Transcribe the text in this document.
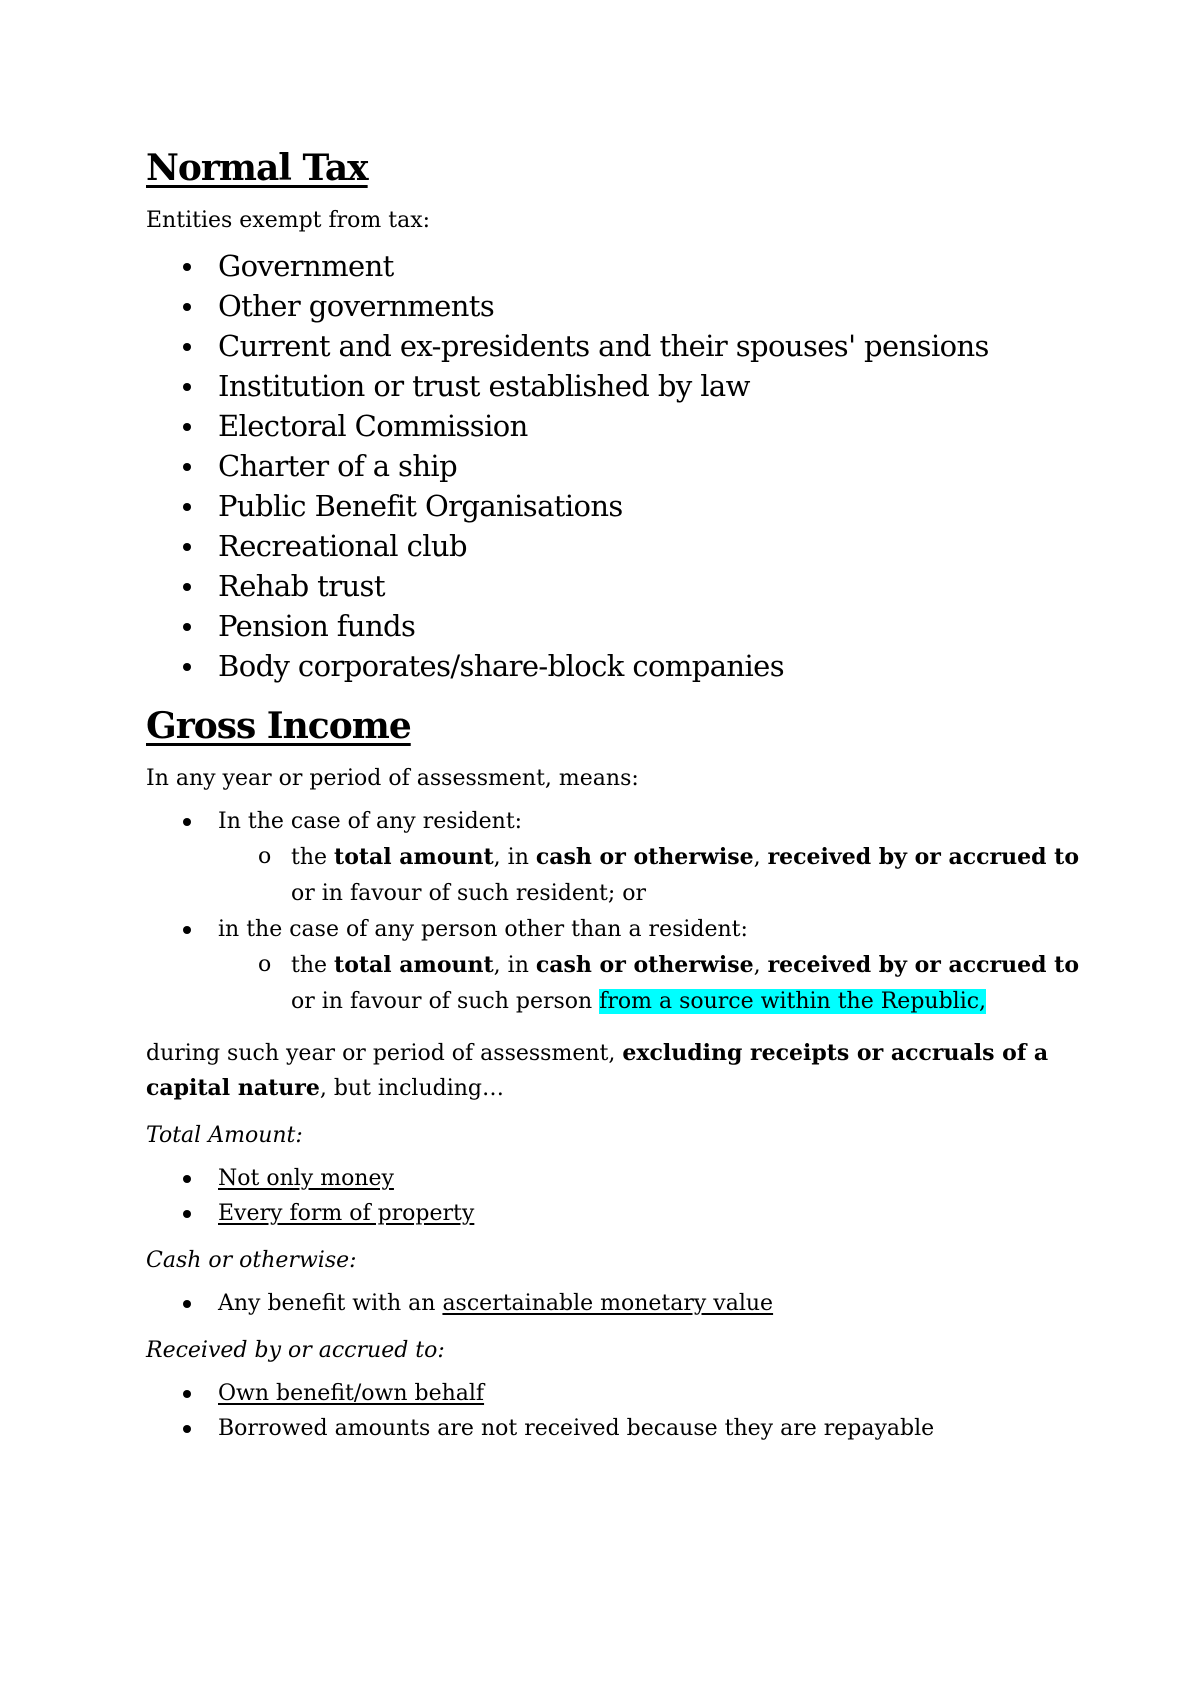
Normal Tax

Entities exempt from tax:

Government
Other governments
Current and ex-presidents and their spouses' pensions
Institution or trust established by law
Electoral Commission
Charter of a ship
Public Benefit Organisations
Recreational club
Rehab trust
Pension funds
Body corporates/share-block companies
Gross Income

In any year or period of assessment, means:

In the case of any resident:
o the total amount, in cash or otherwise, received by or accrued to or in favour of such resident; or
in the case of any person other than a resident:
o the total amount, in cash or otherwise, received by or accrued to or in favour of such person from a source within the Republic,

during such year or period of assessment, excluding receipts or accruals of a capital nature, but including…

Total Amount:

Not only money
Every form of property

Cash or otherwise:

Any benefit with an ascertainable monetary value

Received by or accrued to:

Own benefit/own behalf
Borrowed amounts are not received because they are repayable
